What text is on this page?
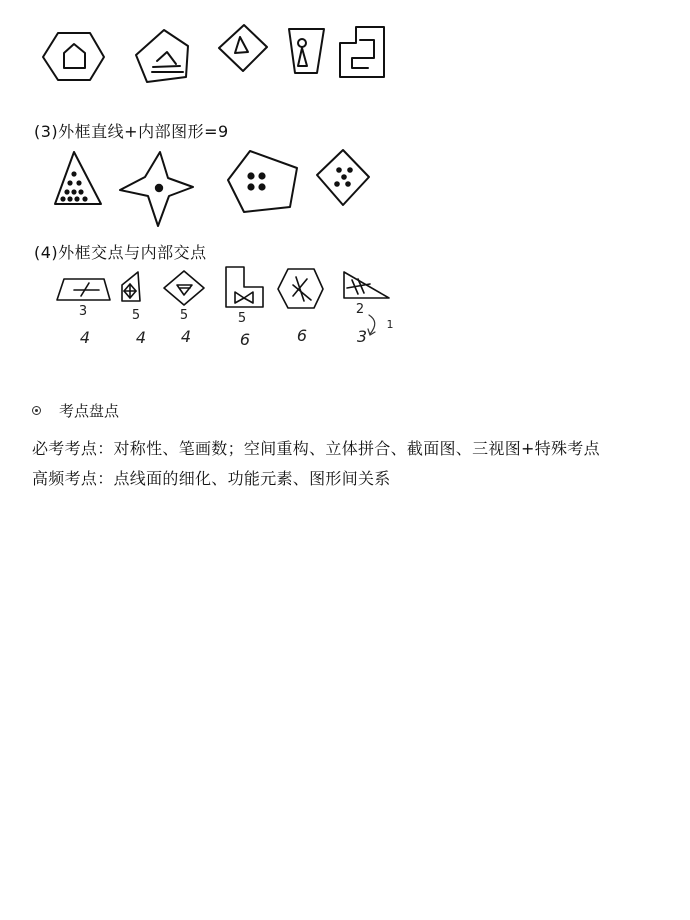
(3)外框直线+内部图形=9
(4)外框交点与内部交点
3	5	5	5
2
1
4	4	4	6	6	3
考点盘点
必考考点：对称性、笔画数；空间重构、立体拼合、截面图、三视图+特殊考点
高频考点：点线面的细化、功能元素、图形间关系
